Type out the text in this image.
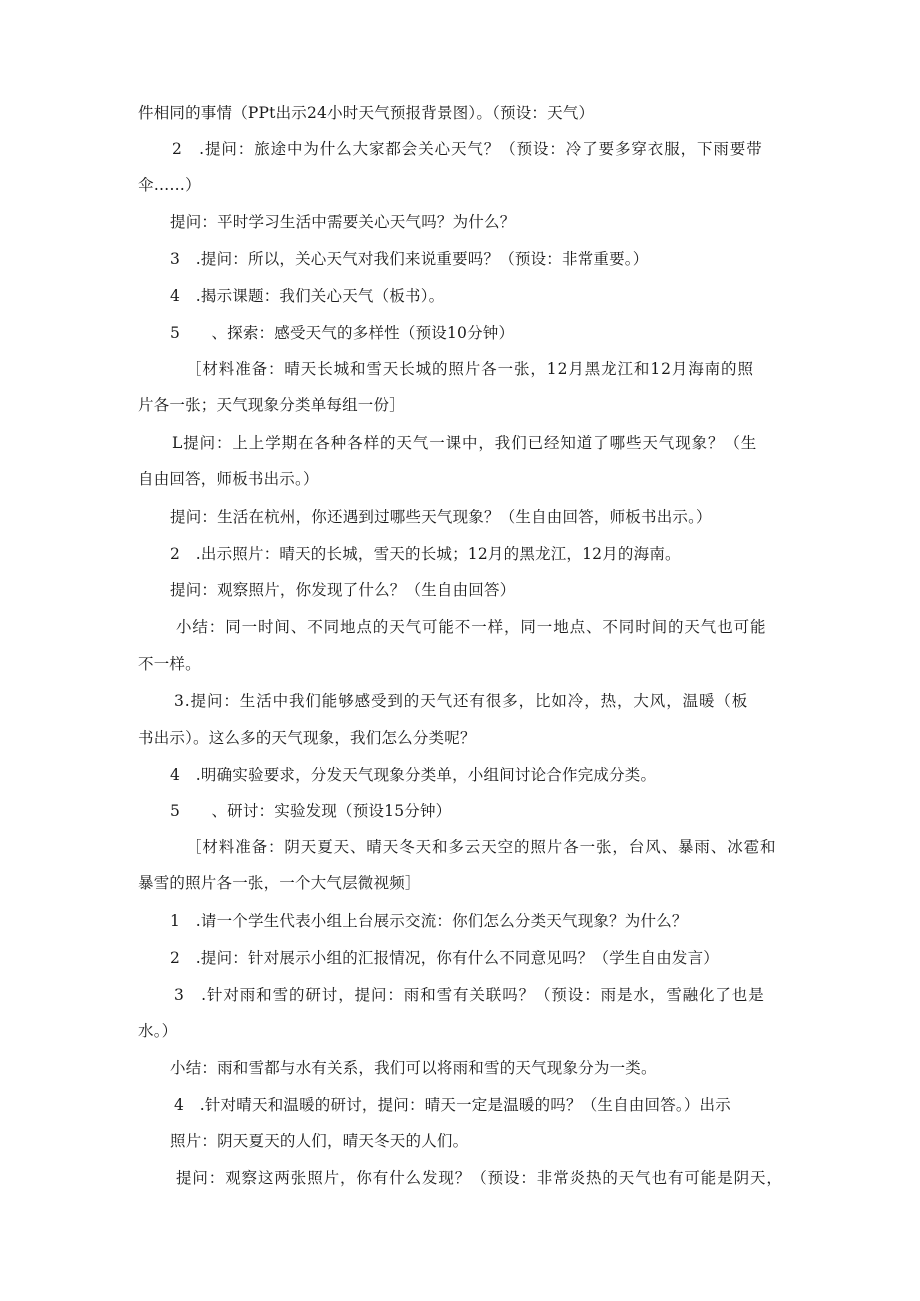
件相同的事情（PPt出示24小时天气预报背景图）。（预设：天气）
2　.提问：旅途中为什么大家都会关心天气？（预设：冷了要多穿衣服，下雨要带
伞……）
提问：平时学习生活中需要关心天气吗？为什么？
3　.提问：所以，关心天气对我们来说重要吗？（预设：非常重要。）
4　.揭示课题：我们关心天气（板书）。
5　　、探索：感受天气的多样性（预设10分钟）
［材料准备：晴天长城和雪天长城的照片各一张，12月黑龙江和12月海南的照
片各一张；天气现象分类单每组一份］
L提问：上上学期在各种各样的天气一课中，我们已经知道了哪些天气现象？（生
自由回答，师板书出示。）
提问：生活在杭州，你还遇到过哪些天气现象？（生自由回答，师板书出示。）
2　.出示照片：晴天的长城，雪天的长城；12月的黑龙江，12月的海南。
提问：观察照片，你发现了什么？（生自由回答）
小结：同一时间、不同地点的天气可能不一样，同一地点、不同时间的天气也可能
不一样。
3.提问：生活中我们能够感受到的天气还有很多，比如冷，热，大风，温暖（板
书出示）。这么多的天气现象，我们怎么分类呢？
4　.明确实验要求，分发天气现象分类单，小组间讨论合作完成分类。
5　　、研讨：实验发现（预设15分钟）
［材料准备：阴天夏天、晴天冬天和多云天空的照片各一张，台风、暴雨、冰雹和
暴雪的照片各一张，一个大气层微视频］
1　.请一个学生代表小组上台展示交流：你们怎么分类天气现象？为什么？
2　.提问：针对展示小组的汇报情况，你有什么不同意见吗？（学生自由发言）
3　.针对雨和雪的研讨，提问：雨和雪有关联吗？（预设：雨是水，雪融化了也是
水。）
小结：雨和雪都与水有关系，我们可以将雨和雪的天气现象分为一类。
4　.针对晴天和温暖的研讨，提问：晴天一定是温暖的吗？（生自由回答。）出示
照片：阴天夏天的人们，晴天冬天的人们。
提问：观察这两张照片，你有什么发现？（预设：非常炎热的天气也有可能是阴天，
